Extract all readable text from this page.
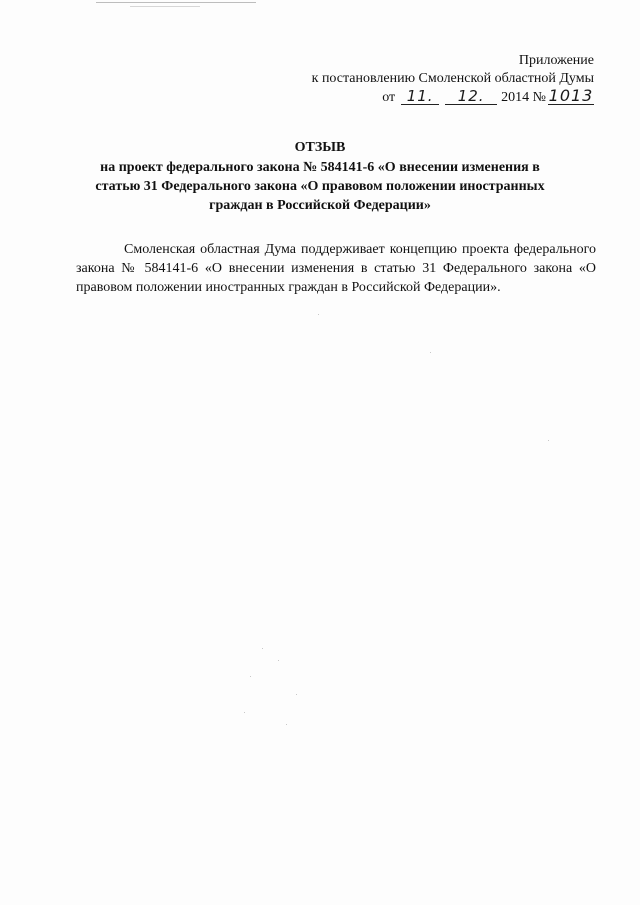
Приложение
к постановлению Смоленской областной Думы
от 11.	12.	2014 № 1013
ОТЗЫВ
на проект федерального закона № 584141-6 «О внесении изменения в статью 31 Федерального закона «О правовом положении иностранных граждан в Российской Федерации»
Смоленская областная Дума поддерживает концепцию проекта федерального закона № 584141-6 «О внесении изменения в статью 31 Федерального закона «О правовом положении иностранных граждан в Российской Федерации».
